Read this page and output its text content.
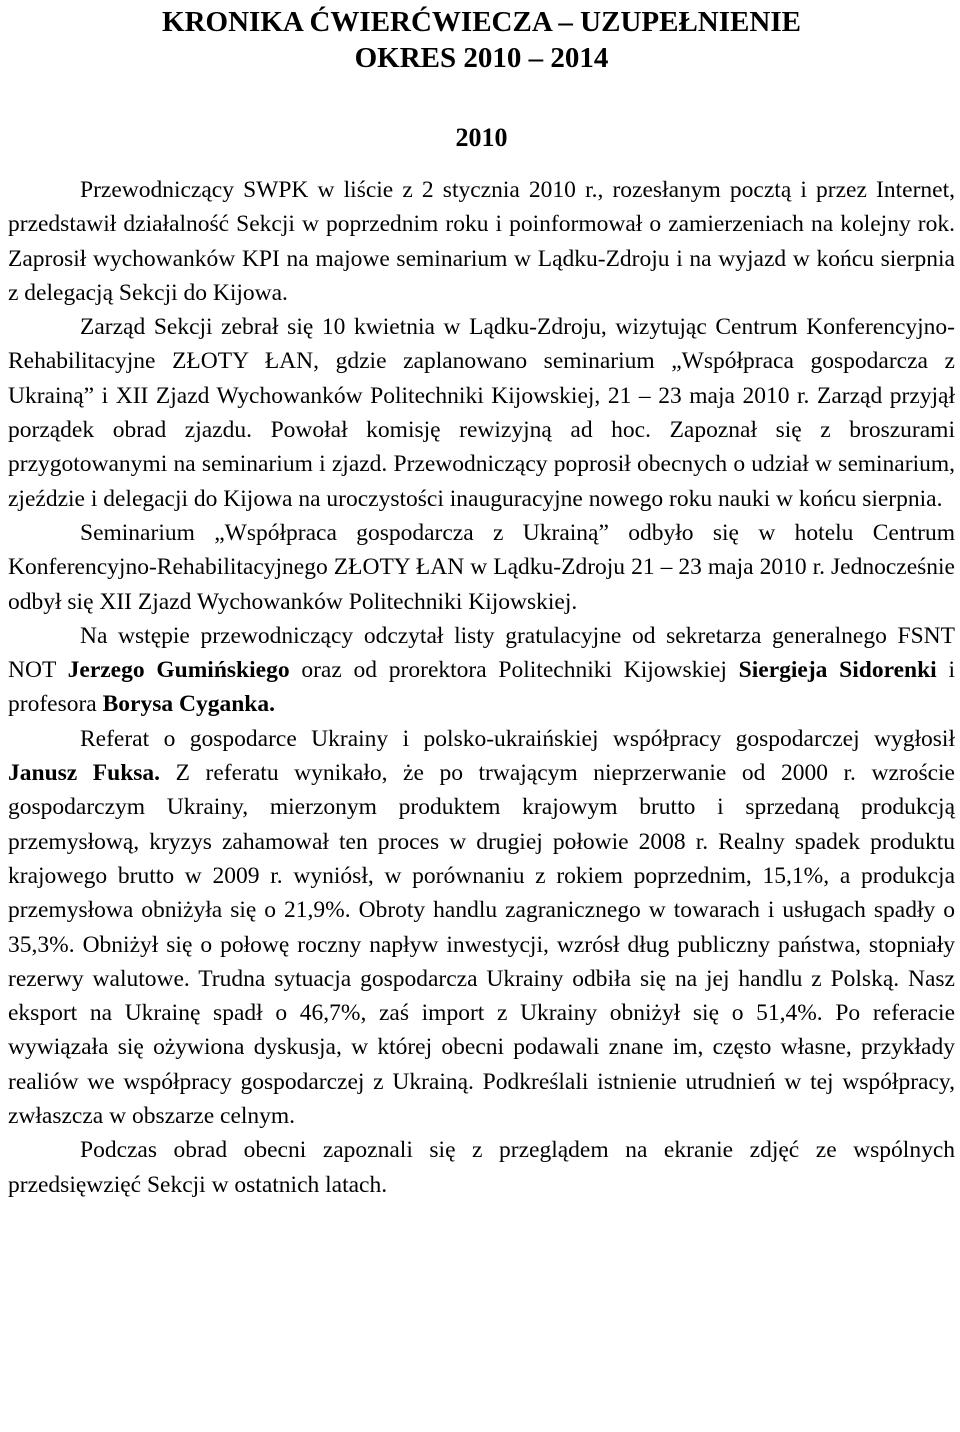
KRONIKA ĆWIERĆWIECZA – UZUPEŁNIENIE
OKRES 2010 – 2014
2010

Przewodniczący SWPK w liście z 2 stycznia 2010 r., rozesłanym pocztą i przez Internet, przedstawił działalność Sekcji w poprzednim roku i poinformował o zamierzeniach na kolejny rok. Zaprosił wychowanków KPI na majowe seminarium w Lądku-Zdroju i na wyjazd w końcu sierpnia z delegacją Sekcji do Kijowa.

Zarząd Sekcji zebrał się 10 kwietnia w Lądku-Zdroju, wizytując Centrum Konferencyjno-Rehabilitacyjne ZŁOTY ŁAN, gdzie zaplanowano seminarium „Współpraca gospodarcza z Ukrainą” i XII Zjazd Wychowanków Politechniki Kijowskiej, 21 – 23 maja 2010 r. Zarząd przyjął porządek obrad zjazdu. Powołał komisję rewizyjną ad hoc. Zapoznał się z broszurami przygotowanymi na seminarium i zjazd. Przewodniczący poprosił obecnych o udział w seminarium, zjeździe i delegacji do Kijowa na uroczystości inauguracyjne nowego roku nauki w końcu sierpnia.

Seminarium „Współpraca gospodarcza z Ukrainą” odbyło się w hotelu Centrum Konferencyjno-Rehabilitacyjnego ZŁOTY ŁAN w Lądku-Zdroju 21 – 23 maja 2010 r. Jednocześnie odbył się XII Zjazd Wychowanków Politechniki Kijowskiej.

Na wstępie przewodniczący odczytał listy gratulacyjne od sekretarza generalnego FSNT NOT Jerzego Gumińskiego oraz od prorektora Politechniki Kijowskiej Siergieja Sidorenki i profesora Borysa Cyganka.

Referat o gospodarce Ukrainy i polsko-ukraińskiej współpracy gospodarczej wygłosił Janusz Fuksa. Z referatu wynikało, że po trwającym nieprzerwanie od 2000 r. wzroście gospodarczym Ukrainy, mierzonym produktem krajowym brutto i sprzedaną produkcją przemysłową, kryzys zahamował ten proces w drugiej połowie 2008 r. Realny spadek produktu krajowego brutto w 2009 r. wyniósł, w porównaniu z rokiem poprzednim, 15,1%, a produkcja przemysłowa obniżyła się o 21,9%. Obroty handlu zagranicznego w towarach i usługach spadły o 35,3%. Obniżył się o połowę roczny napływ inwestycji, wzrósł dług publiczny państwa, stopniały rezerwy walutowe. Trudna sytuacja gospodarcza Ukrainy odbiła się na jej handlu z Polską. Nasz eksport na Ukrainę spadł o 46,7%, zaś import z Ukrainy obniżył się o 51,4%. Po referacie wywiązała się ożywiona dyskusja, w której obecni podawali znane im, często własne, przykłady realiów we współpracy gospodarczej z Ukrainą. Podkreślali istnienie utrudnień w tej współpracy, zwłaszcza w obszarze celnym.

Podczas obrad obecni zapoznali się z przeglądem na ekranie zdjęć ze wspólnych przedsięwzięć Sekcji w ostatnich latach.
